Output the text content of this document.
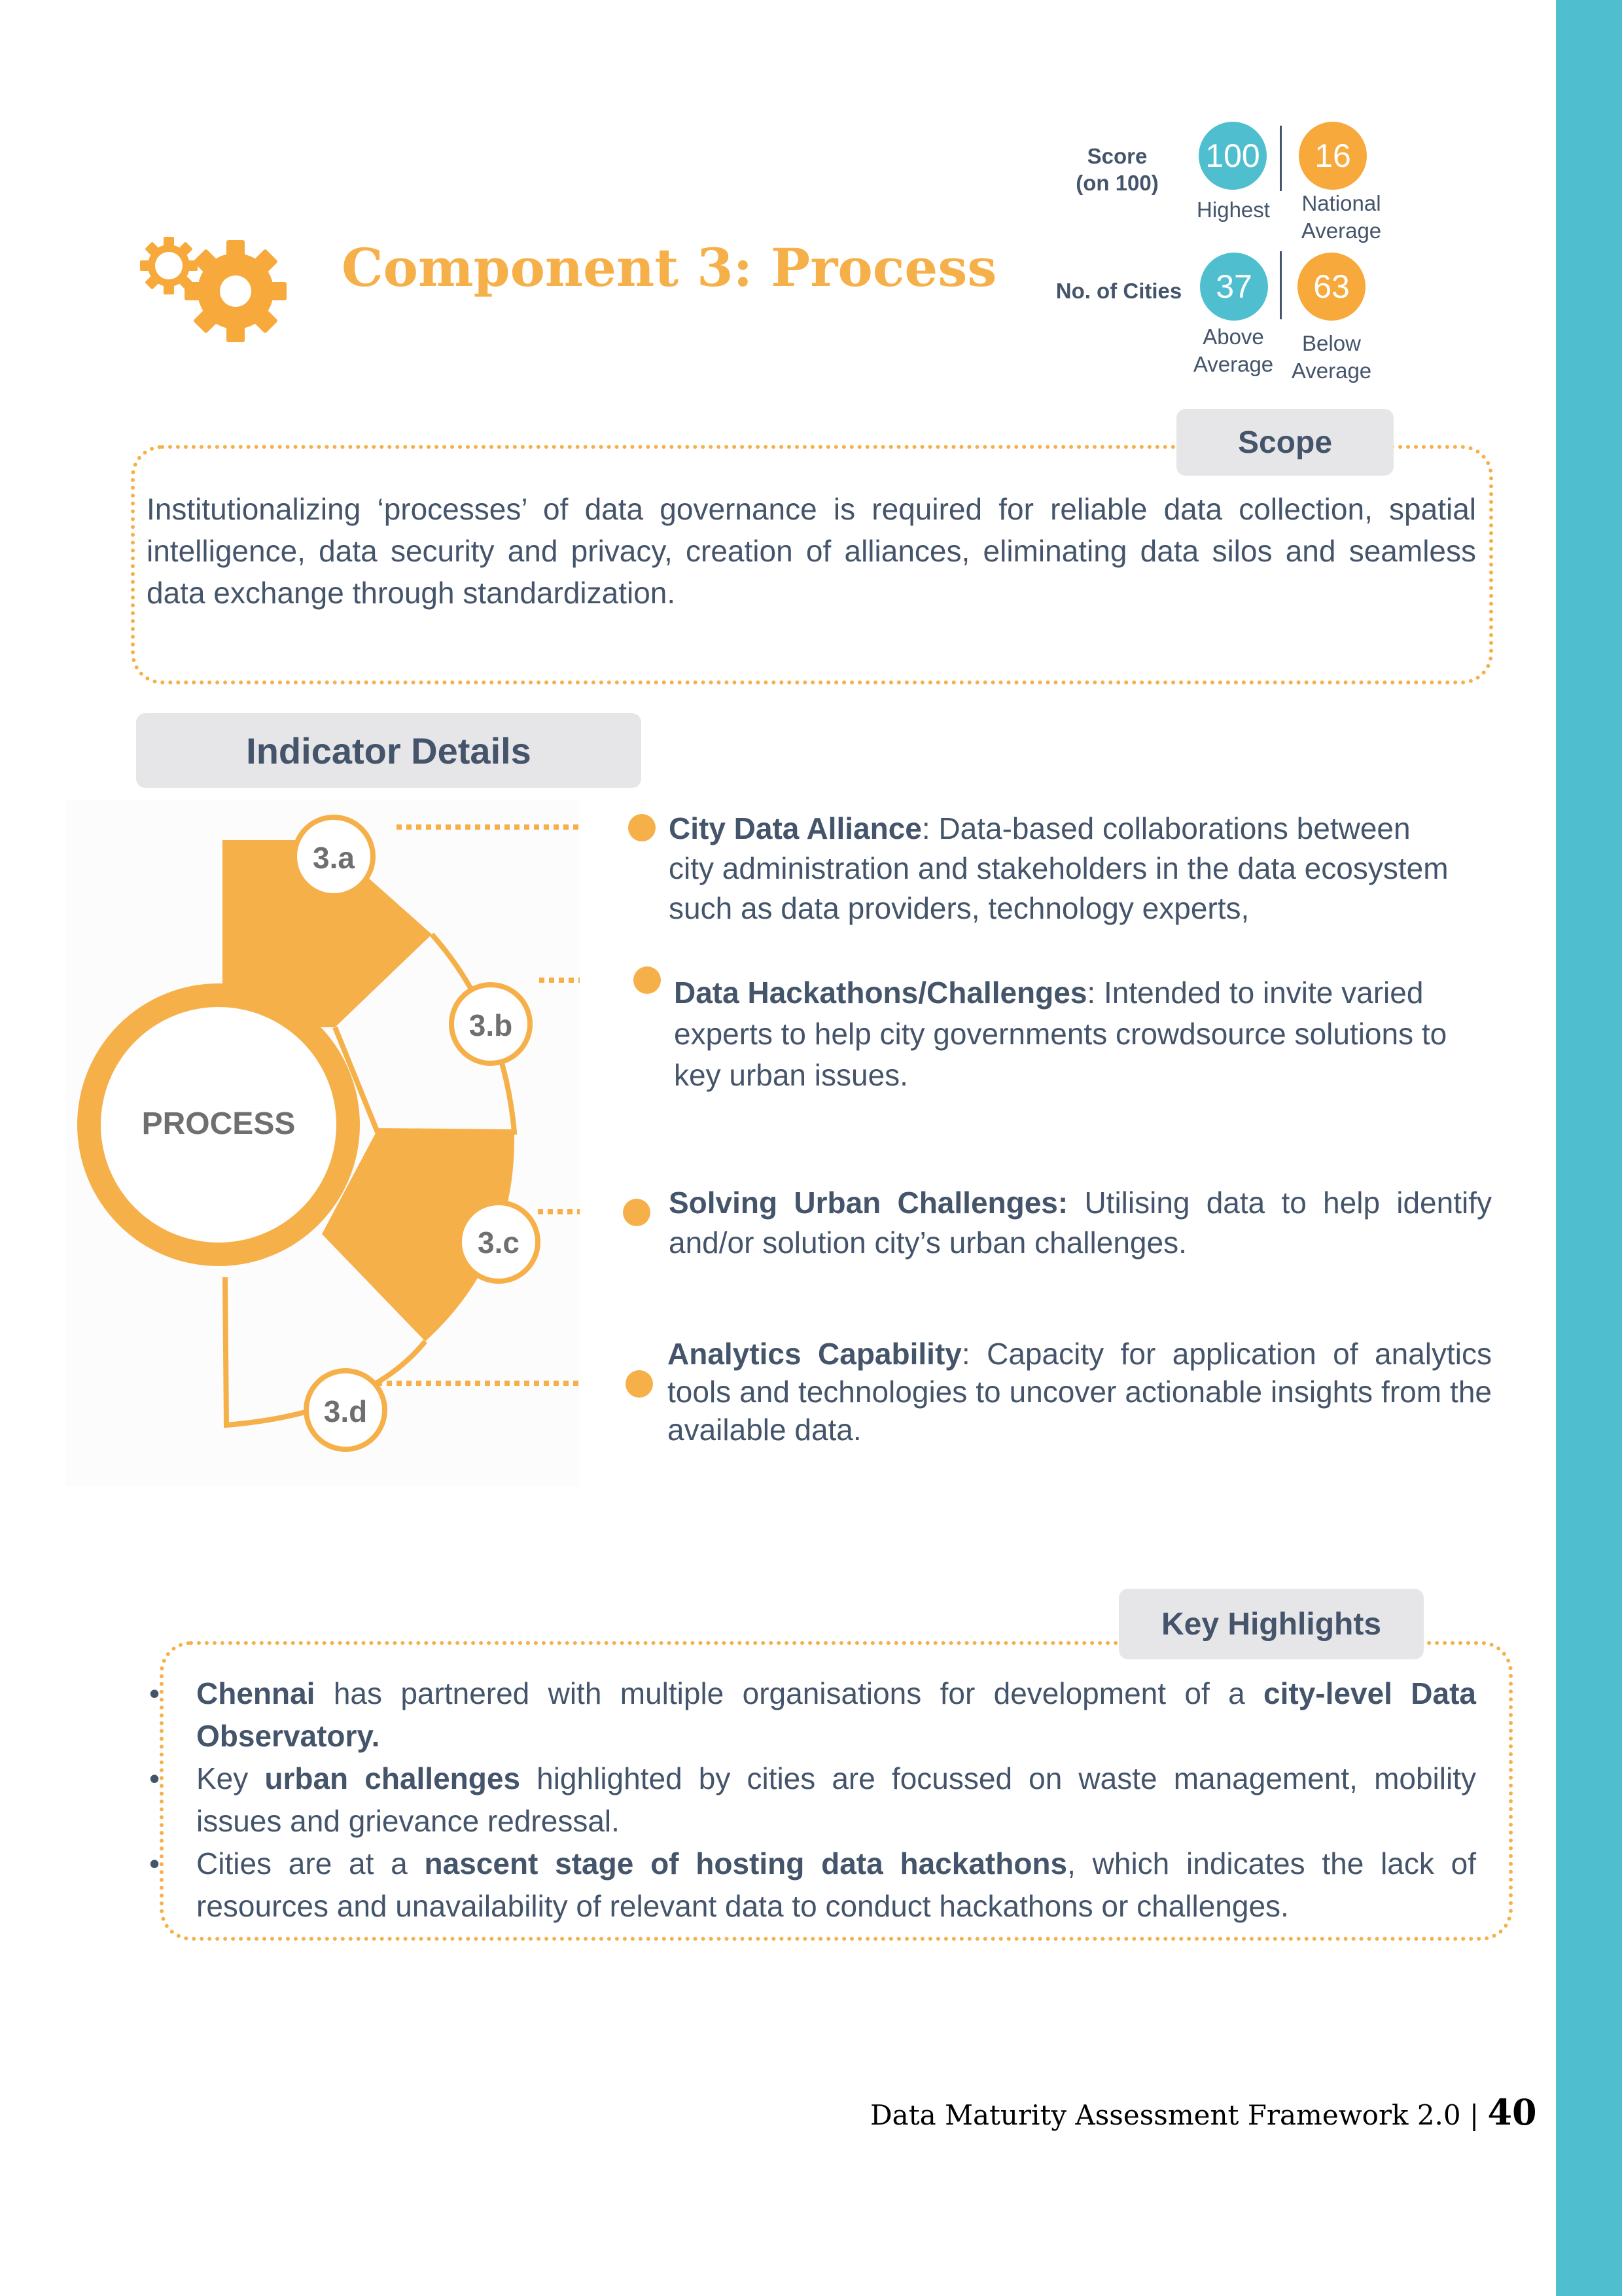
Component 3: Process
Score
(on 100)
100
Highest
16
National
Average
No. of Cities	37
Above
Average
63
Below
Average
Scope
Institutionalizing ‘processes’ of data governance is required for reliable data collection, spatial intelligence, data security and privacy, creation of alliances, eliminating data silos and seamless data exchange through standardization.
Indicator Details
PROCESS
3.a
3.b
3.c
3.d
City Data Alliance: Data-based collaborations between city administration and stakeholders in the data ecosystem such as data providers, technology experts,
Data Hackathons/Challenges: Intended to invite varied experts to help city governments crowdsource solutions to key urban issues.
Solving Urban Challenges: Utilising data to help identify and/or solution city’s urban challenges.
Analytics Capability: Capacity for application of analytics tools and technologies to uncover actionable insights from the available data.
Key Highlights
• Chennai has partnered with multiple organisations for development of a city-level Data Observatory.
• Key urban challenges highlighted by cities are focussed on waste management, mobility issues and grievance redressal.
• Cities are at a nascent stage of hosting data hackathons, which indicates the lack of resources and unavailability of relevant data to conduct hackathons or challenges.
Data Maturity Assessment Framework 2.0 | 40
